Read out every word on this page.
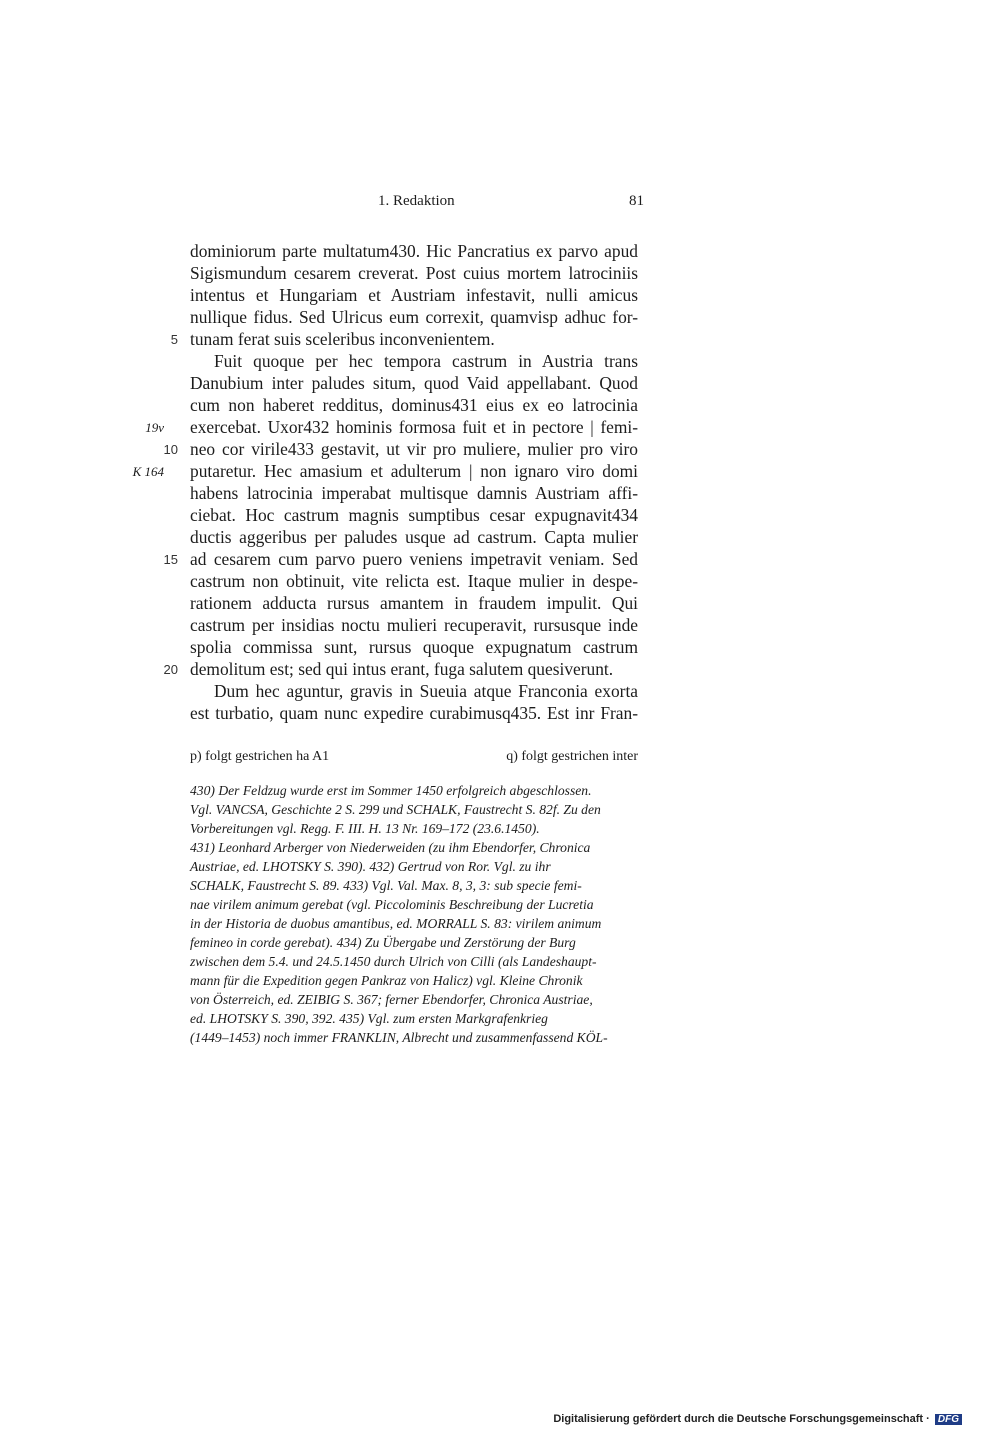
1. Redaktion	81
dominiorum parte multatum430. Hic Pancratius ex parvo apud
Sigismundum cesarem creverat. Post cuius mortem latrociniis
intentus et Hungariam et Austriam infestavit, nulli amicus
nullique fidus. Sed Ulricus eum correxit, quamvisp adhuc for-
tunam ferat suis sceleribus inconvenientem.
Fuit quoque per hec tempora castrum in Austria trans
Danubium inter paludes situm, quod Vaid appellabant. Quod
cum non haberet redditus, dominus431 eius ex eo latrocinia
exercebat. Uxor432 hominis formosa fuit et in pectore | femi-
neo cor virile433 gestavit, ut vir pro muliere, mulier pro viro
putaretur. Hec amasium et adulterum | non ignaro viro domi
habens latrocinia imperabat multisque damnis Austriam affi-
ciebat. Hoc castrum magnis sumptibus cesar expugnavit434
ductis aggeribus per paludes usque ad castrum. Capta mulier
ad cesarem cum parvo puero veniens impetravit veniam. Sed
castrum non obtinuit, vite relicta est. Itaque mulier in despe-
rationem adducta rursus amantem in fraudem impulit. Qui
castrum per insidias noctu mulieri recuperavit, rursusque inde
spolia commissa sunt, rursus quoque expugnatum castrum
demolitum est; sed qui intus erant, fuga salutem quesiverunt.
Dum hec aguntur, gravis in Sueuia atque Franconia exorta
est turbatio, quam nunc expedire curabimusq435. Est inr Fran-
5
10
15
20
19v
K 164
p) folgt gestrichen ha A1	q) folgt gestrichen inter
430) Der Feldzug wurde erst im Sommer 1450 erfolgreich abgeschlossen.
Vgl. VANCSA, Geschichte 2 S. 299 und SCHALK, Faustrecht S. 82f. Zu den
Vorbereitungen vgl. Regg. F. III. H. 13 Nr. 169–172 (23.6.1450).
431) Leonhard Arberger von Niederweiden (zu ihm Ebendorfer, Chronica
Austriae, ed. LHOTSKY S. 390). 432) Gertrud von Ror. Vgl. zu ihr
SCHALK, Faustrecht S. 89. 433) Vgl. Val. Max. 8, 3, 3: sub specie femi-
nae virilem animum gerebat (vgl. Piccolominis Beschreibung der Lucretia
in der Historia de duobus amantibus, ed. MORRALL S. 83: virilem animum
femineo in corde gerebat). 434) Zu Übergabe und Zerstörung der Burg
zwischen dem 5.4. und 24.5.1450 durch Ulrich von Cilli (als Landeshaupt-
mann für die Expedition gegen Pankraz von Halicz) vgl. Kleine Chronik
von Österreich, ed. ZEIBIG S. 367; ferner Ebendorfer, Chronica Austriae,
ed. LHOTSKY S. 390, 392. 435) Vgl. zum ersten Markgrafenkrieg
(1449–1453) noch immer FRANKLIN, Albrecht und zusammenfassend KÖL-
Digitalisierung gefördert durch die Deutsche Forschungsgemeinschaft · DFG
